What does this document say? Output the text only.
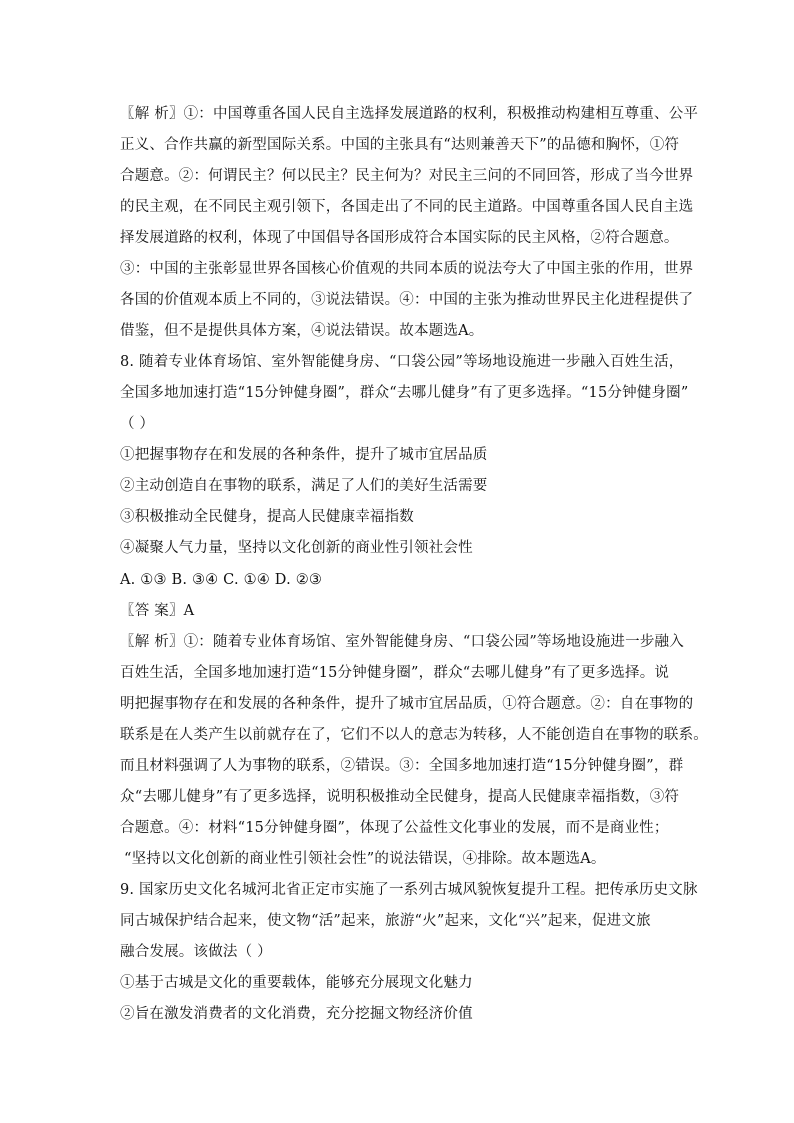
〖解 析〗①：中国尊重各国人民自主选择发展道路的权利，积极推动构建相互尊重、公平
正义、合作共赢的新型国际关系。中国的主张具有“达则兼善天下”的品德和胸怀，①符
合题意。②：何谓民主？何以民主？民主何为？对民主三问的不同回答，形成了当今世界
的民主观，在不同民主观引领下，各国走出了不同的民主道路。中国尊重各国人民自主选
择发展道路的权利，体现了中国倡导各国形成符合本国实际的民主风格，②符合题意。
③：中国的主张彰显世界各国核心价值观的共同本质的说法夸大了中国主张的作用，世界
各国的价值观本质上不同的，③说法错误。④：中国的主张为推动世界民主化进程提供了
借鉴，但不是提供具体方案，④说法错误。故本题选A。
8. 随着专业体育场馆、室外智能健身房、“口袋公园”等场地设施进一步融入百姓生活，
全国多地加速打造“15分钟健身圈”，群众“去哪儿健身”有了更多选择。“15分钟健身圈”
（ ）
①把握事物存在和发展的各种条件，提升了城市宜居品质
②主动创造自在事物的联系，满足了人们的美好生活需要
③积极推动全民健身，提高人民健康幸福指数
④凝聚人气力量，坚持以文化创新的商业性引领社会性
A. ①③ B. ③④ C. ①④ D. ②③
〖答 案〗A
〖解 析〗①：随着专业体育场馆、室外智能健身房、“口袋公园”等场地设施进一步融入
百姓生活，全国多地加速打造“15分钟健身圈”，群众“去哪儿健身”有了更多选择。说
明把握事物存在和发展的各种条件，提升了城市宜居品质，①符合题意。②：自在事物的
联系是在人类产生以前就存在了，它们不以人的意志为转移，人不能创造自在事物的联系。
而且材料强调了人为事物的联系，②错误。③：全国多地加速打造“15分钟健身圈”，群
众“去哪儿健身”有了更多选择，说明积极推动全民健身，提高人民健康幸福指数，③符
合题意。④：材料“15分钟健身圈”，体现了公益性文化事业的发展，而不是商业性；
“坚持以文化创新的商业性引领社会性”的说法错误，④排除。故本题选A。
9. 国家历史文化名城河北省正定市实施了一系列古城风貌恢复提升工程。把传承历史文脉
同古城保护结合起来，使文物“活”起来，旅游“火”起来，文化“兴”起来，促进文旅
融合发展。该做法（ ）
①基于古城是文化的重要载体，能够充分展现文化魅力
②旨在激发消费者的文化消费，充分挖掘文物经济价值
